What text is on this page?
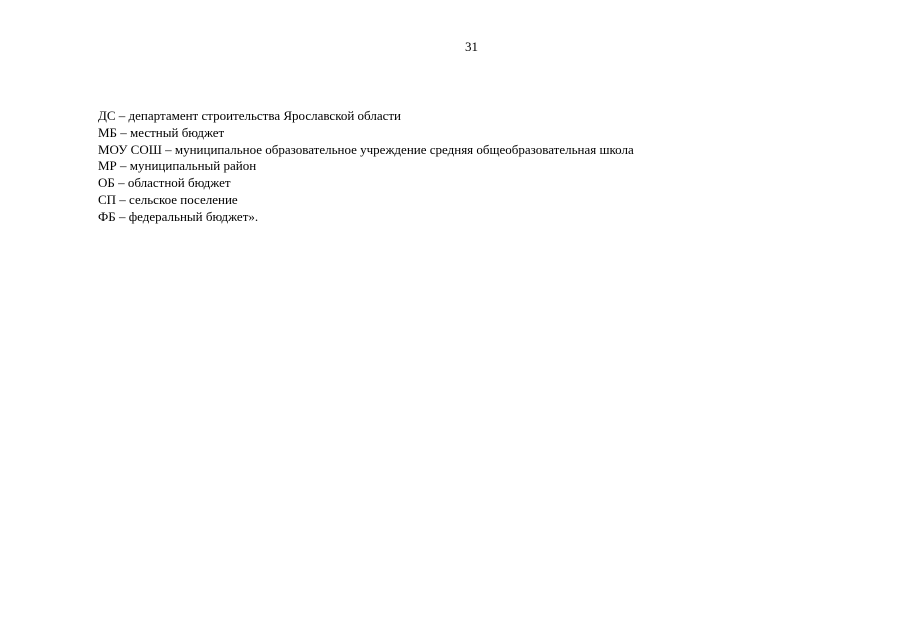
31
ДС – департамент строительства Ярославской области
МБ – местный бюджет
МОУ СОШ – муниципальное образовательное учреждение средняя общеобразовательная школа
МР – муниципальный район
ОБ – областной бюджет
СП – сельское поселение
ФБ – федеральный бюджет».
